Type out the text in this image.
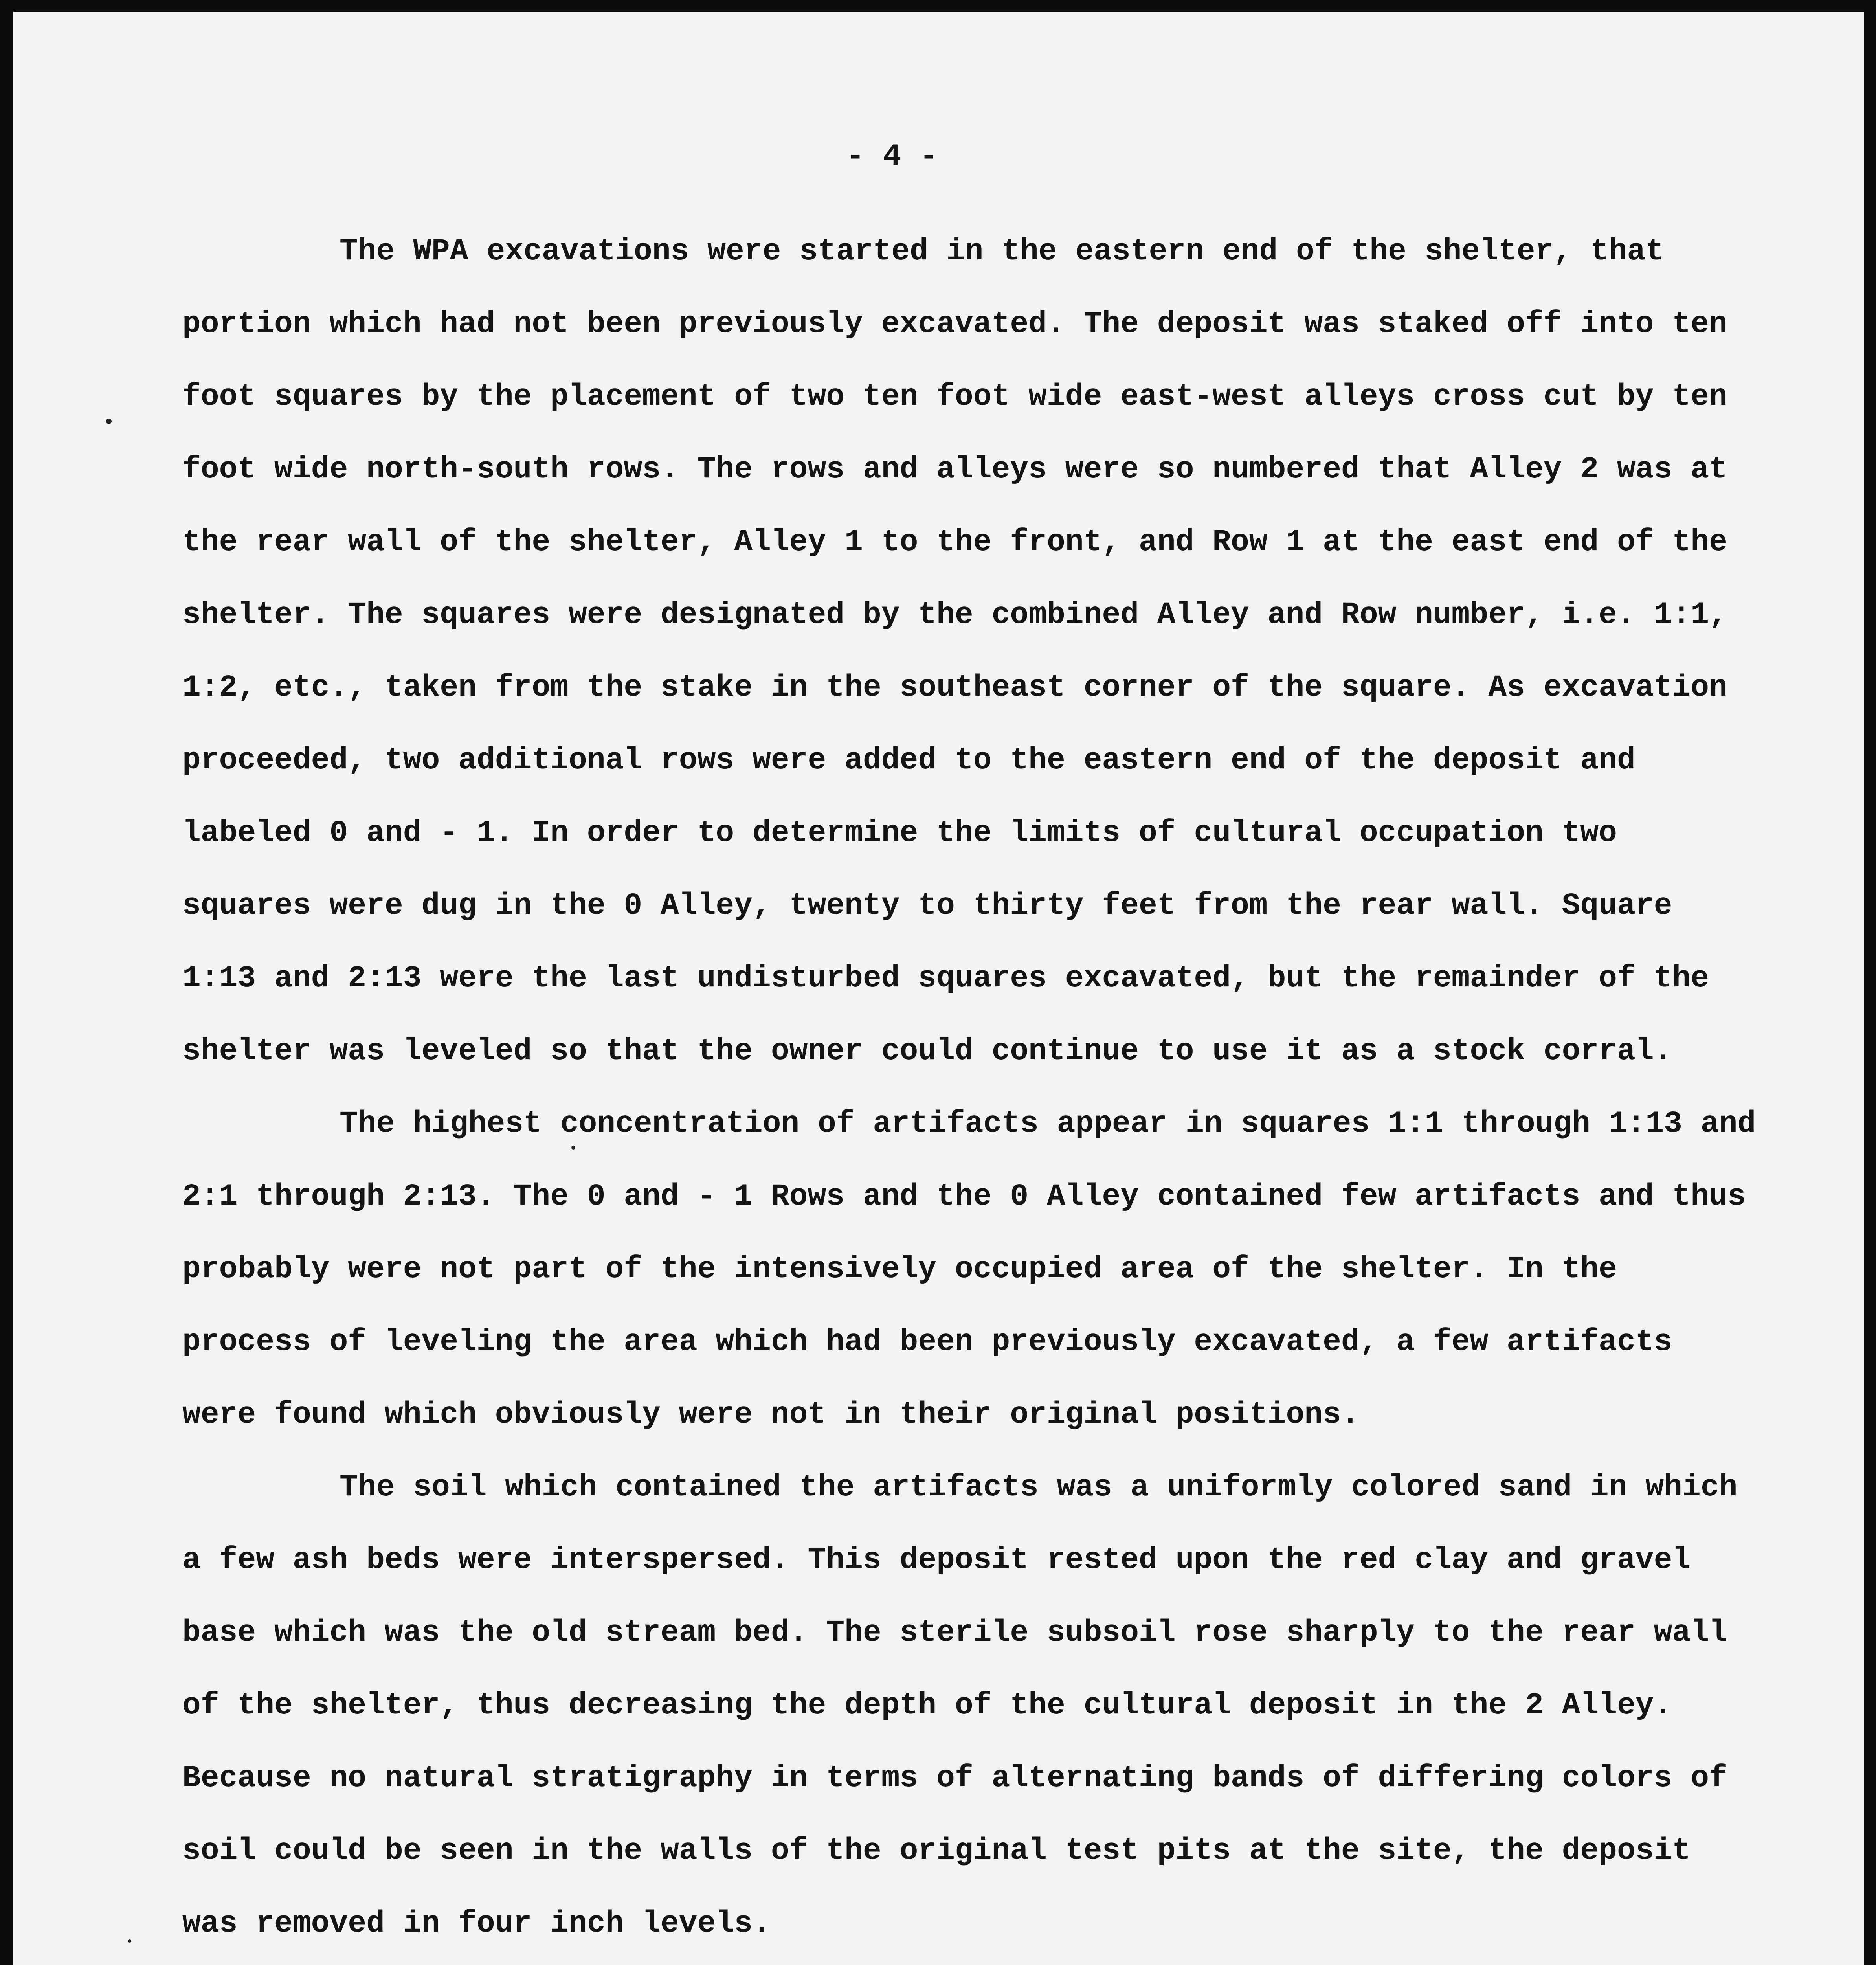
- 4 -

The WPA excavations were started in the eastern end of the shelter, that portion which had not been previously excavated. The deposit was staked off into ten foot squares by the placement of two ten foot wide east-west alleys cross cut by ten foot wide north-south rows. The rows and alleys were so numbered that Alley 2 was at the rear wall of the shelter, Alley 1 to the front, and Row 1 at the east end of the shelter. The squares were designated by the combined Alley and Row number, i.e. 1:1, 1:2, etc., taken from the stake in the southeast corner of the square. As excavation proceeded, two additional rows were added to the eastern end of the deposit and labeled 0 and - 1. In order to determine the limits of cultural occupation two squares were dug in the 0 Alley, twenty to thirty feet from the rear wall. Square 1:13 and 2:13 were the last undisturbed squares excavated, but the remainder of the shelter was leveled so that the owner could continue to use it as a stock corral.

The highest concentration of artifacts appear in squares 1:1 through 1:13 and 2:1 through 2:13. The 0 and - 1 Rows and the 0 Alley contained few artifacts and thus probably were not part of the intensively occupied area of the shelter. In the process of leveling the area which had been previously excavated, a few artifacts were found which obviously were not in their original positions.

The soil which contained the artifacts was a uniformly colored sand in which a few ash beds were interspersed. This deposit rested upon the red clay and gravel base which was the old stream bed. The sterile subsoil rose sharply to the rear wall of the shelter, thus decreasing the depth of the cultural deposit in the 2 Alley. Because no natural stratigraphy in terms of alternating bands of differing colors of soil could be seen in the walls of the original test pits at the site, the deposit was removed in four inch levels.
